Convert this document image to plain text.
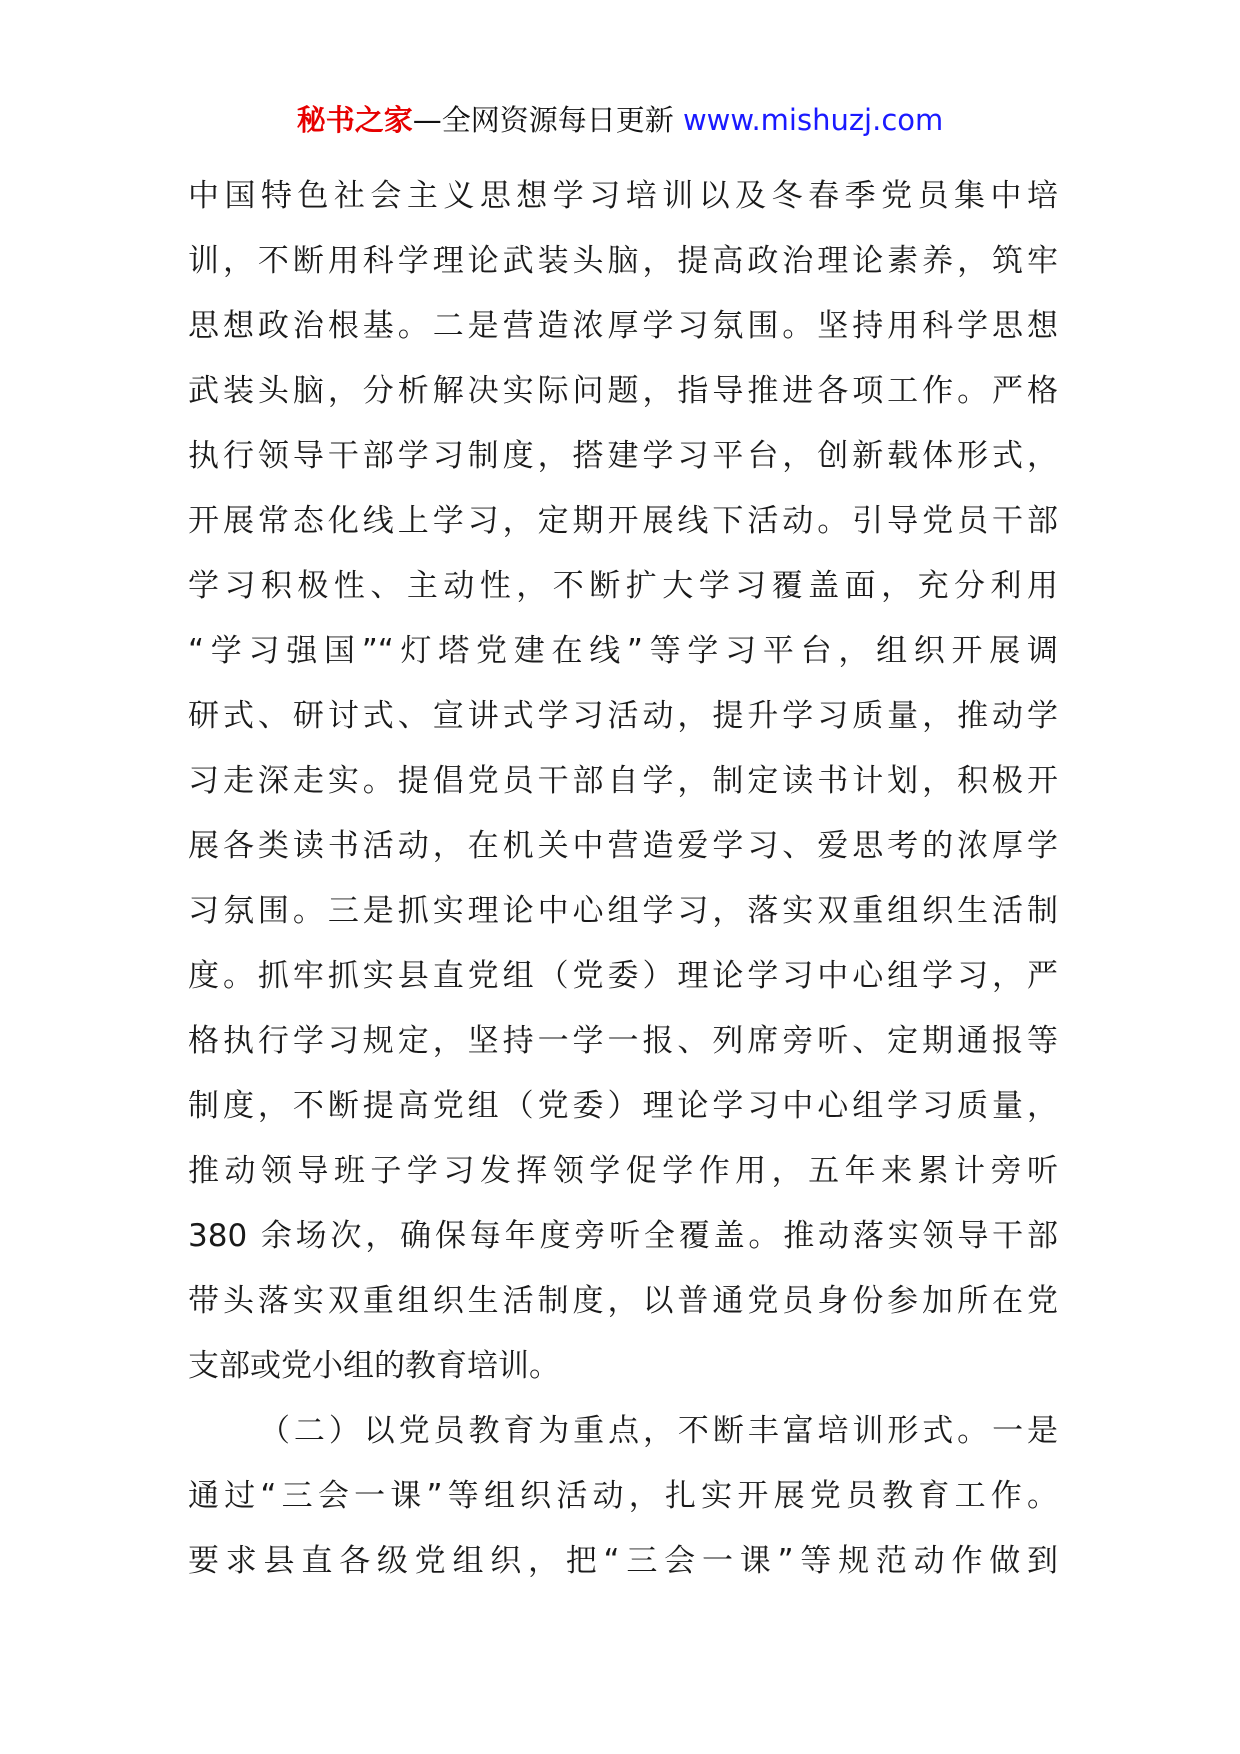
秘书之家—全网资源每日更新 www.mishuzj.com
中国特色社会主义思想学习培训以及冬春季党员集中培
训，不断用科学理论武装头脑，提高政治理论素养，筑牢
思想政治根基。二是营造浓厚学习氛围。坚持用科学思想
武装头脑，分析解决实际问题，指导推进各项工作。严格
执行领导干部学习制度，搭建学习平台，创新载体形式，
开展常态化线上学习，定期开展线下活动。引导党员干部
学习积极性、主动性，不断扩大学习覆盖面，充分利用
“学习强国”“灯塔党建在线”等学习平台，组织开展调
研式、研讨式、宣讲式学习活动，提升学习质量，推动学
习走深走实。提倡党员干部自学，制定读书计划，积极开
展各类读书活动，在机关中营造爱学习、爱思考的浓厚学
习氛围。三是抓实理论中心组学习，落实双重组织生活制
度。抓牢抓实县直党组（党委）理论学习中心组学习，严
格执行学习规定，坚持一学一报、列席旁听、定期通报等
制度，不断提高党组（党委）理论学习中心组学习质量，
推动领导班子学习发挥领学促学作用，五年来累计旁听
380 余场次，确保每年度旁听全覆盖。推动落实领导干部
带头落实双重组织生活制度，以普通党员身份参加所在党
支部或党小组的教育培训。
（二）以党员教育为重点，不断丰富培训形式。一是
通过“三会一课”等组织活动，扎实开展党员教育工作。
要求县直各级党组织，把“三会一课”等规范动作做到
